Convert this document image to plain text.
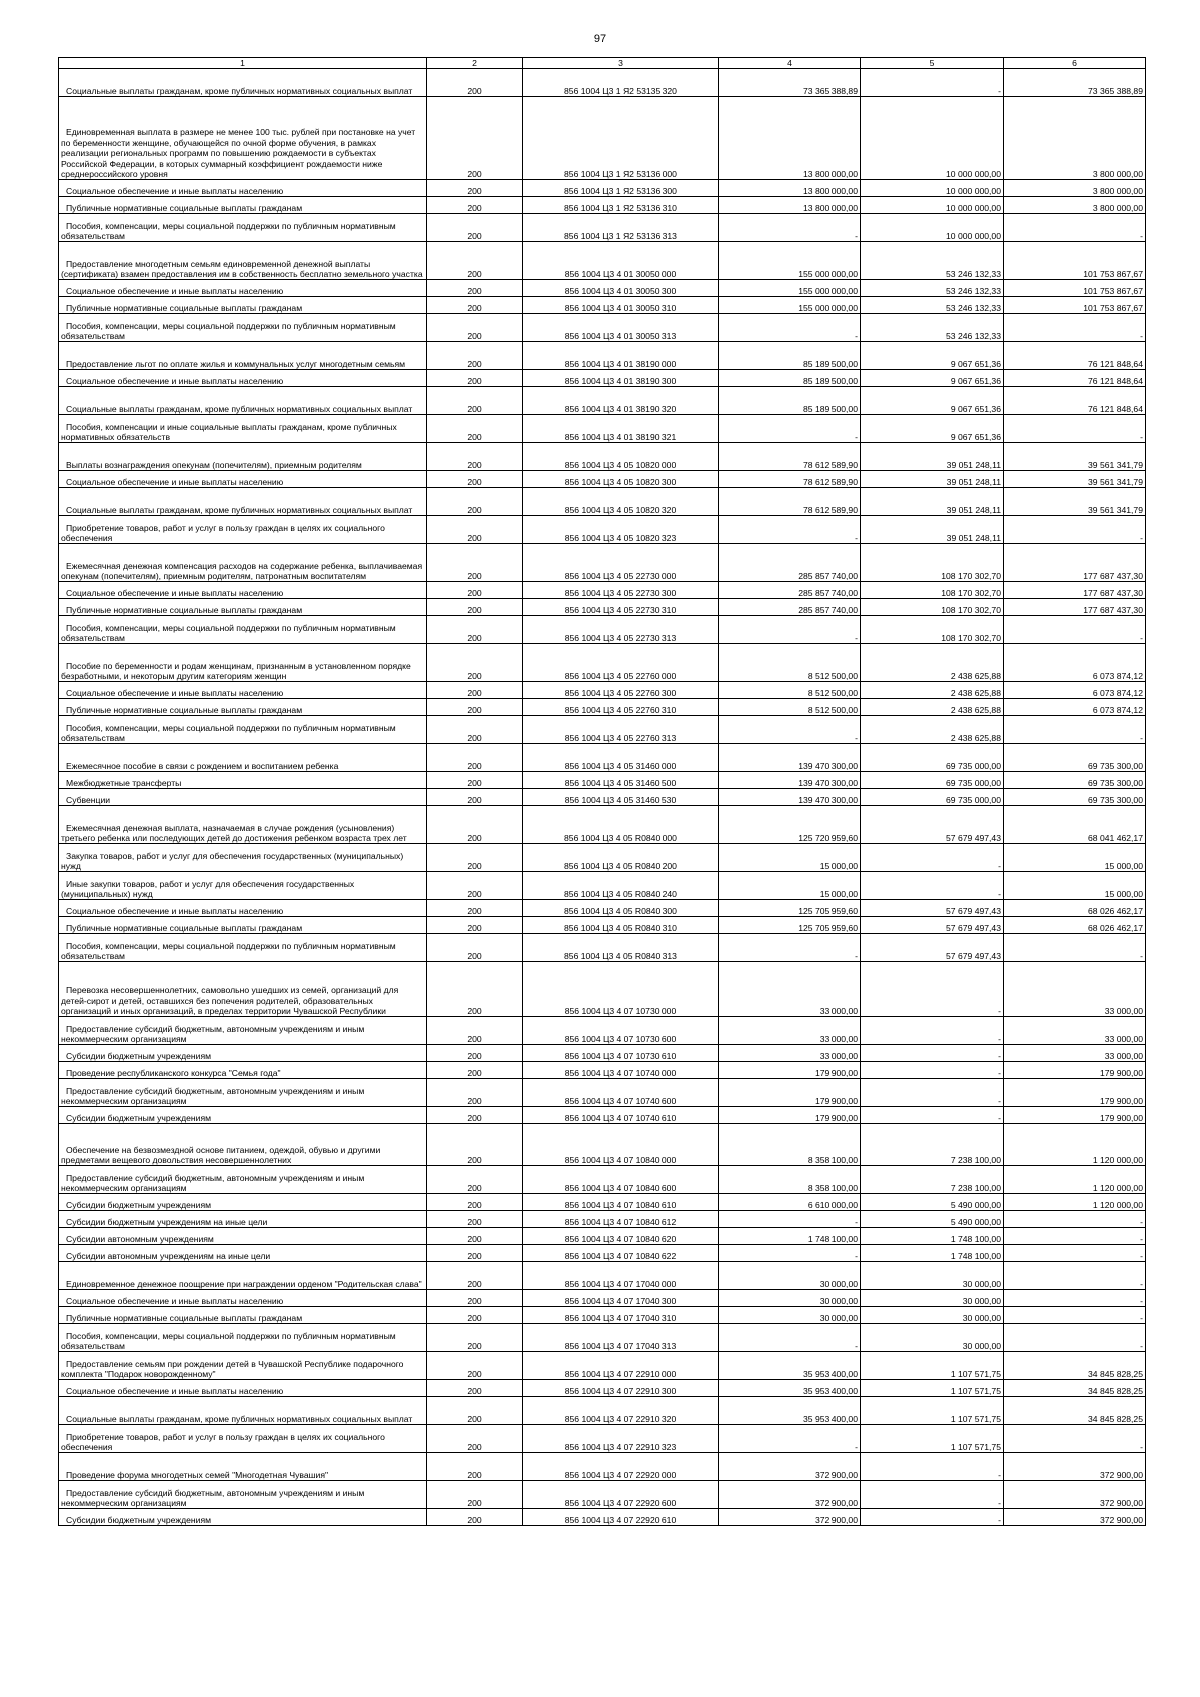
97
1	2	3	4	5	6

Социальные выплаты гражданам, кроме публичных нормативных социальных выплат	200	856 1004 Ц3 1 Я2 53135 320	73 365 388,89	-	73 365 388,89

Единовременная выплата в размере не менее 100 тыс. рублей при постановке на учет по беременности женщине, обучающейся по очной форме обучения, в рамках реализации региональных программ по повышению рождаемости в субъектах Российской Федерации, в которых суммарный коэффициент рождаемости ниже среднероссийского уровня	200	856 1004 Ц3 1 Я2 53136 000	13 800 000,00	10 000 000,00	3 800 000,00

Социальное обеспечение и иные выплаты населению	200	856 1004 Ц3 1 Я2 53136 300	13 800 000,00	10 000 000,00	3 800 000,00

Публичные нормативные социальные выплаты гражданам	200	856 1004 Ц3 1 Я2 53136 310	13 800 000,00	10 000 000,00	3 800 000,00

Пособия, компенсации, меры социальной поддержки по публичным нормативным обязательствам	200	856 1004 Ц3 1 Я2 53136 313	-	10 000 000,00	-

Предоставление многодетным семьям единовременной денежной выплаты (сертификата) взамен предоставления им в собственность бесплатно земельного участка	200	856 1004 Ц3 4 01 30050 000	155 000 000,00	53 246 132,33	101 753 867,67

Социальное обеспечение и иные выплаты населению	200	856 1004 Ц3 4 01 30050 300	155 000 000,00	53 246 132,33	101 753 867,67

Публичные нормативные социальные выплаты гражданам	200	856 1004 Ц3 4 01 30050 310	155 000 000,00	53 246 132,33	101 753 867,67

Пособия, компенсации, меры социальной поддержки по публичным нормативным обязательствам	200	856 1004 Ц3 4 01 30050 313	-	53 246 132,33	-

Предоставление льгот по оплате жилья и коммунальных услуг многодетным семьям	200	856 1004 Ц3 4 01 38190 000	85 189 500,00	9 067 651,36	76 121 848,64

Социальное обеспечение и иные выплаты населению	200	856 1004 Ц3 4 01 38190 300	85 189 500,00	9 067 651,36	76 121 848,64

Социальные выплаты гражданам, кроме публичных нормативных социальных выплат	200	856 1004 Ц3 4 01 38190 320	85 189 500,00	9 067 651,36	76 121 848,64

Пособия, компенсации и иные социальные выплаты гражданам, кроме публичных нормативных обязательств	200	856 1004 Ц3 4 01 38190 321	-	9 067 651,36	-

Выплаты вознаграждения опекунам (попечителям), приемным родителям	200	856 1004 Ц3 4 05 10820 000	78 612 589,90	39 051 248,11	39 561 341,79

Социальное обеспечение и иные выплаты населению	200	856 1004 Ц3 4 05 10820 300	78 612 589,90	39 051 248,11	39 561 341,79

Социальные выплаты гражданам, кроме публичных нормативных социальных выплат	200	856 1004 Ц3 4 05 10820 320	78 612 589,90	39 051 248,11	39 561 341,79

Приобретение товаров, работ и услуг в пользу граждан в целях их социального обеспечения	200	856 1004 Ц3 4 05 10820 323	-	39 051 248,11	-

Ежемесячная денежная компенсация расходов на содержание ребенка, выплачиваемая опекунам (попечителям), приемным родителям, патронатным воспитателям	200	856 1004 Ц3 4 05 22730 000	285 857 740,00	108 170 302,70	177 687 437,30

Социальное обеспечение и иные выплаты населению	200	856 1004 Ц3 4 05 22730 300	285 857 740,00	108 170 302,70	177 687 437,30

Публичные нормативные социальные выплаты гражданам	200	856 1004 Ц3 4 05 22730 310	285 857 740,00	108 170 302,70	177 687 437,30

Пособия, компенсации, меры социальной поддержки по публичным нормативным обязательствам	200	856 1004 Ц3 4 05 22730 313	-	108 170 302,70	-

Пособие по беременности и родам женщинам, признанным в установленном порядке безработными, и некоторым другим категориям женщин	200	856 1004 Ц3 4 05 22760 000	8 512 500,00	2 438 625,88	6 073 874,12

Социальное обеспечение и иные выплаты населению	200	856 1004 Ц3 4 05 22760 300	8 512 500,00	2 438 625,88	6 073 874,12

Публичные нормативные социальные выплаты гражданам	200	856 1004 Ц3 4 05 22760 310	8 512 500,00	2 438 625,88	6 073 874,12

Пособия, компенсации, меры социальной поддержки по публичным нормативным обязательствам	200	856 1004 Ц3 4 05 22760 313	-	2 438 625,88	-

Ежемесячное пособие в связи с рождением и воспитанием ребенка	200	856 1004 Ц3 4 05 31460 000	139 470 300,00	69 735 000,00	69 735 300,00

Межбюджетные трансферты	200	856 1004 Ц3 4 05 31460 500	139 470 300,00	69 735 000,00	69 735 300,00

Субвенции	200	856 1004 Ц3 4 05 31460 530	139 470 300,00	69 735 000,00	69 735 300,00

Ежемесячная денежная выплата, назначаемая в случае рождения (усыновления) третьего ребенка или последующих детей до достижения ребенком возраста трех лет	200	856 1004 Ц3 4 05 R0840 000	125 720 959,60	57 679 497,43	68 041 462,17

Закупка товаров, работ и услуг для обеспечения государственных (муниципальных) нужд	200	856 1004 Ц3 4 05 R0840 200	15 000,00	-	15 000,00

Иные закупки товаров, работ и услуг для обеспечения государственных (муниципальных) нужд	200	856 1004 Ц3 4 05 R0840 240	15 000,00	-	15 000,00

Социальное обеспечение и иные выплаты населению	200	856 1004 Ц3 4 05 R0840 300	125 705 959,60	57 679 497,43	68 026 462,17

Публичные нормативные социальные выплаты гражданам	200	856 1004 Ц3 4 05 R0840 310	125 705 959,60	57 679 497,43	68 026 462,17

Пособия, компенсации, меры социальной поддержки по публичным нормативным обязательствам	200	856 1004 Ц3 4 05 R0840 313	-	57 679 497,43	-

Перевозка несовершеннолетних, самовольно ушедших из семей, организаций для детей-сирот и детей, оставшихся без попечения родителей, образовательных организаций и иных организаций, в пределах территории Чувашской Республики	200	856 1004 Ц3 4 07 10730 000	33 000,00	-	33 000,00

Предоставление субсидий бюджетным, автономным учреждениям и иным некоммерческим организациям	200	856 1004 Ц3 4 07 10730 600	33 000,00	-	33 000,00

Субсидии бюджетным учреждениям	200	856 1004 Ц3 4 07 10730 610	33 000,00	-	33 000,00

Проведение республиканского конкурса "Семья года"	200	856 1004 Ц3 4 07 10740 000	179 900,00	-	179 900,00

Предоставление субсидий бюджетным, автономным учреждениям и иным некоммерческим организациям	200	856 1004 Ц3 4 07 10740 600	179 900,00	-	179 900,00

Субсидии бюджетным учреждениям	200	856 1004 Ц3 4 07 10740 610	179 900,00	-	179 900,00

Обеспечение на безвозмездной основе питанием, одеждой, обувью и другими предметами вещевого довольствия несовершеннолетних	200	856 1004 Ц3 4 07 10840 000	8 358 100,00	7 238 100,00	1 120 000,00

Предоставление субсидий бюджетным, автономным учреждениям и иным некоммерческим организациям	200	856 1004 Ц3 4 07 10840 600	8 358 100,00	7 238 100,00	1 120 000,00

Субсидии бюджетным учреждениям	200	856 1004 Ц3 4 07 10840 610	6 610 000,00	5 490 000,00	1 120 000,00

Субсидии бюджетным учреждениям на иные цели	200	856 1004 Ц3 4 07 10840 612	-	5 490 000,00	-

Субсидии автономным учреждениям	200	856 1004 Ц3 4 07 10840 620	1 748 100,00	1 748 100,00	-

Субсидии автономным учреждениям на иные цели	200	856 1004 Ц3 4 07 10840 622	-	1 748 100,00	-

Единовременное денежное поощрение при награждении орденом "Родительская слава"	200	856 1004 Ц3 4 07 17040 000	30 000,00	30 000,00	-

Социальное обеспечение и иные выплаты населению	200	856 1004 Ц3 4 07 17040 300	30 000,00	30 000,00	-

Публичные нормативные социальные выплаты гражданам	200	856 1004 Ц3 4 07 17040 310	30 000,00	30 000,00	-

Пособия, компенсации, меры социальной поддержки по публичным нормативным обязательствам	200	856 1004 Ц3 4 07 17040 313	-	30 000,00	-

Предоставление семьям при рождении детей в Чувашской Республике подарочного комплекта "Подарок новорожденному"	200	856 1004 Ц3 4 07 22910 000	35 953 400,00	1 107 571,75	34 845 828,25

Социальное обеспечение и иные выплаты населению	200	856 1004 Ц3 4 07 22910 300	35 953 400,00	1 107 571,75	34 845 828,25

Социальные выплаты гражданам, кроме публичных нормативных социальных выплат	200	856 1004 Ц3 4 07 22910 320	35 953 400,00	1 107 571,75	34 845 828,25

Приобретение товаров, работ и услуг в пользу граждан в целях их социального обеспечения	200	856 1004 Ц3 4 07 22910 323	-	1 107 571,75	-

Проведение форума многодетных семей "Многодетная Чувашия"	200	856 1004 Ц3 4 07 22920 000	372 900,00	-	372 900,00

Предоставление субсидий бюджетным, автономным учреждениям и иным некоммерческим организациям	200	856 1004 Ц3 4 07 22920 600	372 900,00	-	372 900,00

Субсидии бюджетным учреждениям	200	856 1004 Ц3 4 07 22920 610	372 900,00	-	372 900,00
